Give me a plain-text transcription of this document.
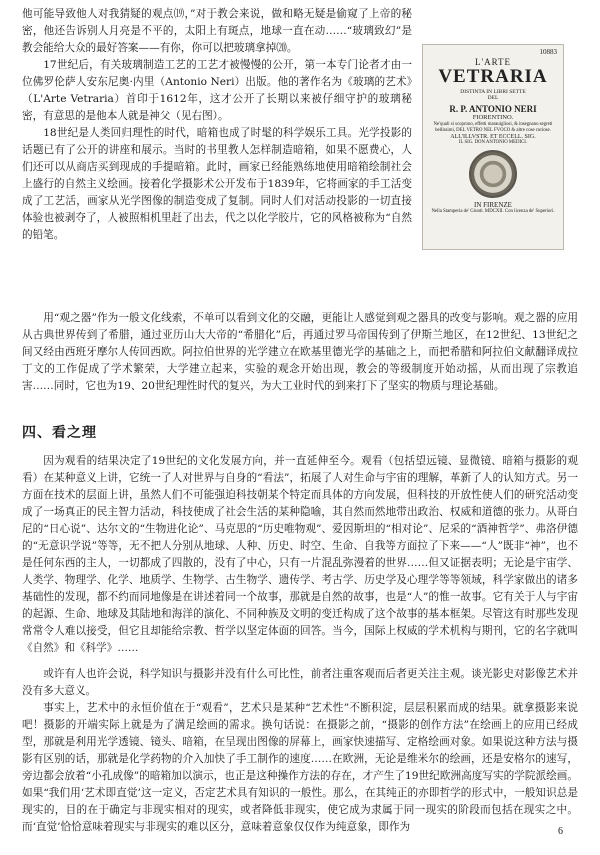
他可能导致他人对我猜疑的观点⒆，”对于教会来说，做和略无疑是偷窥了上帝的秘密，他还告诉别人月亮是不平的，太阳上有斑点，地球一直在动……“玻璃致幻”是教会能给大众的最好答案——有你，你可以把玻璃拿掉⒇。

17世纪后，有关玻璃制造工艺的工艺才被慢慢的公开，第一本专门论者才由一位佛罗伦萨人安东尼奥·内里（Antonio Neri）出版。他的著作名为《玻璃的艺术》（L'Arte Vetraria）首印于1612年，这才公开了长期以来被仔细守护的玻璃秘密，有意思的是他本人就是神父（见右图）。

18世纪是人类回归理性的时代，暗箱也成了时髦的科学娱乐工具。光学投影的话题已有了公开的讲座和展示。当时的书里教人怎样制造暗箱，如果不愿费心，人们还可以从商店买到现成的手提暗箱。此时，画家已经能熟练地使用暗箱绘制社会上盛行的自然主义绘画。接着化学摄影术公开发布于1839年，它将画家的手工活变成了工艺活，画家从光学图像的制造变成了复制。同时人们对活动投影的一切直接体验也被剥夺了，人被照相机里赶了出去，代之以化学胶片，它的风格被称为“自然的铅笔。

10883
L'ARTE
VETRARIA
DISTINTA IN LIBRI SETTE
DEL
R. P. ANTONIO NERI
FIORENTINO.
Ne'quali si scoprono, effetti marauigliosi, & insegnano segreti bellissimi, DEL VETRO NEL FVOCO & altre cose curiose.
ALL'ILLVSTR. ET ECCELL. SIG.
IL SIG. DON ANTONIO MEDICI.
IN FIRENZE
Nella Stamperia de' Giunti. MDCXII. Con licenza de' Superiori.

用“观之器”作为一般文化线索，不单可以看到文化的交融，更能让人感觉到观之器具的改变与影响。观之器的应用从古典世界传到了希腊，通过亚历山大大帝的“希腊化”后，再通过罗马帝国传到了伊斯兰地区，在12世纪、13世纪之间又经由西班牙摩尔人传回西欧。阿拉伯世界的光学建立在欧基里德光学的基础之上，而把希腊和阿拉伯文献翻译成拉丁文的工作促成了学术繁荣，大学建立起来，实验的观念开始出现，教会的等级制度开始动摇，从而出现了宗教追害……同时，它也为19、20世纪理性时代的复兴，为大工业时代的到来打下了坚实的物质与理论基础。

四、看之理

因为观看的结果决定了19世纪的文化发展方向，并一直延伸至今。观看（包括望远镜、显微镜、暗箱与摄影的观看）在某种意义上讲，它统一了人对世界与自身的“看法”，拓展了人对生命与宇宙的理解，革新了人的认知方式。另一方面在技术的层面上讲，虽然人们不可能强迫科技朝某个特定而具体的方向发展，但科技的开放性使人们的研究活动变成了一场真正的民主智力活动，科技使成了社会生活的某种隐喻，其自然而然地带出政治、权威和道德的张力。从哥白尼的“日心说”、达尔文的“生物进化论”、马克思的“历史唯物观”、爱因斯坦的“相对论”、尼采的“酒神哲学”、弗洛伊德的“无意识学说”等等，无不把人分别从地球、人种、历史、时空、生命、自我等方面拉了下来——“人”既非“神”，也不是任何东西的主人，一切都成了四散的，没有了中心，只有一片混乱弥漫着的世界……但又证据表明；无论是宇宙学、人类学、物理学、化学、地质学、生物学、古生物学、遗传学、考古学、历史学及心理学等等领域，科学家做出的诸多基础性的发现，都不约而同地像是在讲述着同一个故事，那就是自然的故事，也是“人”的惟一故事。它有关于人与宇宙的起源、生命、地球及其陆地和海洋的演化、不同种族及文明的变迁构成了这个故事的基本框架。尽管这有时那些发现常常令人难以接受，但它且却能给宗教、哲学以坚定体面的回答。当今，国际上权威的学术机构与期刊，它的名字就叫《自然》和《科学》……

或许有人也许会说，科学知识与摄影并没有什么可比性，前者注重客观而后者更关注主观。谈光影史对影像艺术并没有多大意义。

事实上，艺术中的永恒价值在于“观看”，艺术只是某种“艺术性”不断积淀，层层积累而成的结果。就拿摄影来说吧！摄影的开端实际上就是为了满足绘画的需求。换句话说：在摄影之前，“摄影的创作方法”在绘画上的应用已经成型，那就是利用光学透镜、镜头、暗箱，在呈现出图像的屏幕上，画家快速描写、定格绘画对象。如果说这种方法与摄影有区别的话，那就是化学药物的介入加快了手工制作的速度……在欧洲，无论是维米尔的绘画，还是安格尔的速写，旁边都会放着“小孔成像”的暗箱加以演示，也正是这种操作方法的存在，才产生了19世纪欧洲高度写实的学院派绘画。如果“我们用‘艺术即直觉’这一定义，否定艺术具有知识的一般性。那么，在其纯正的亦即哲学的形式中，一般知识总是现实的，目的在于确定与非现实相对的现实，或者降低非现实，使它成为隶属于同一现实的阶段而包括在现实之中。而‘直觉’恰恰意味着现实与非现实的难以区分，意味着意象仅仅作为纯意象，即作为	6
